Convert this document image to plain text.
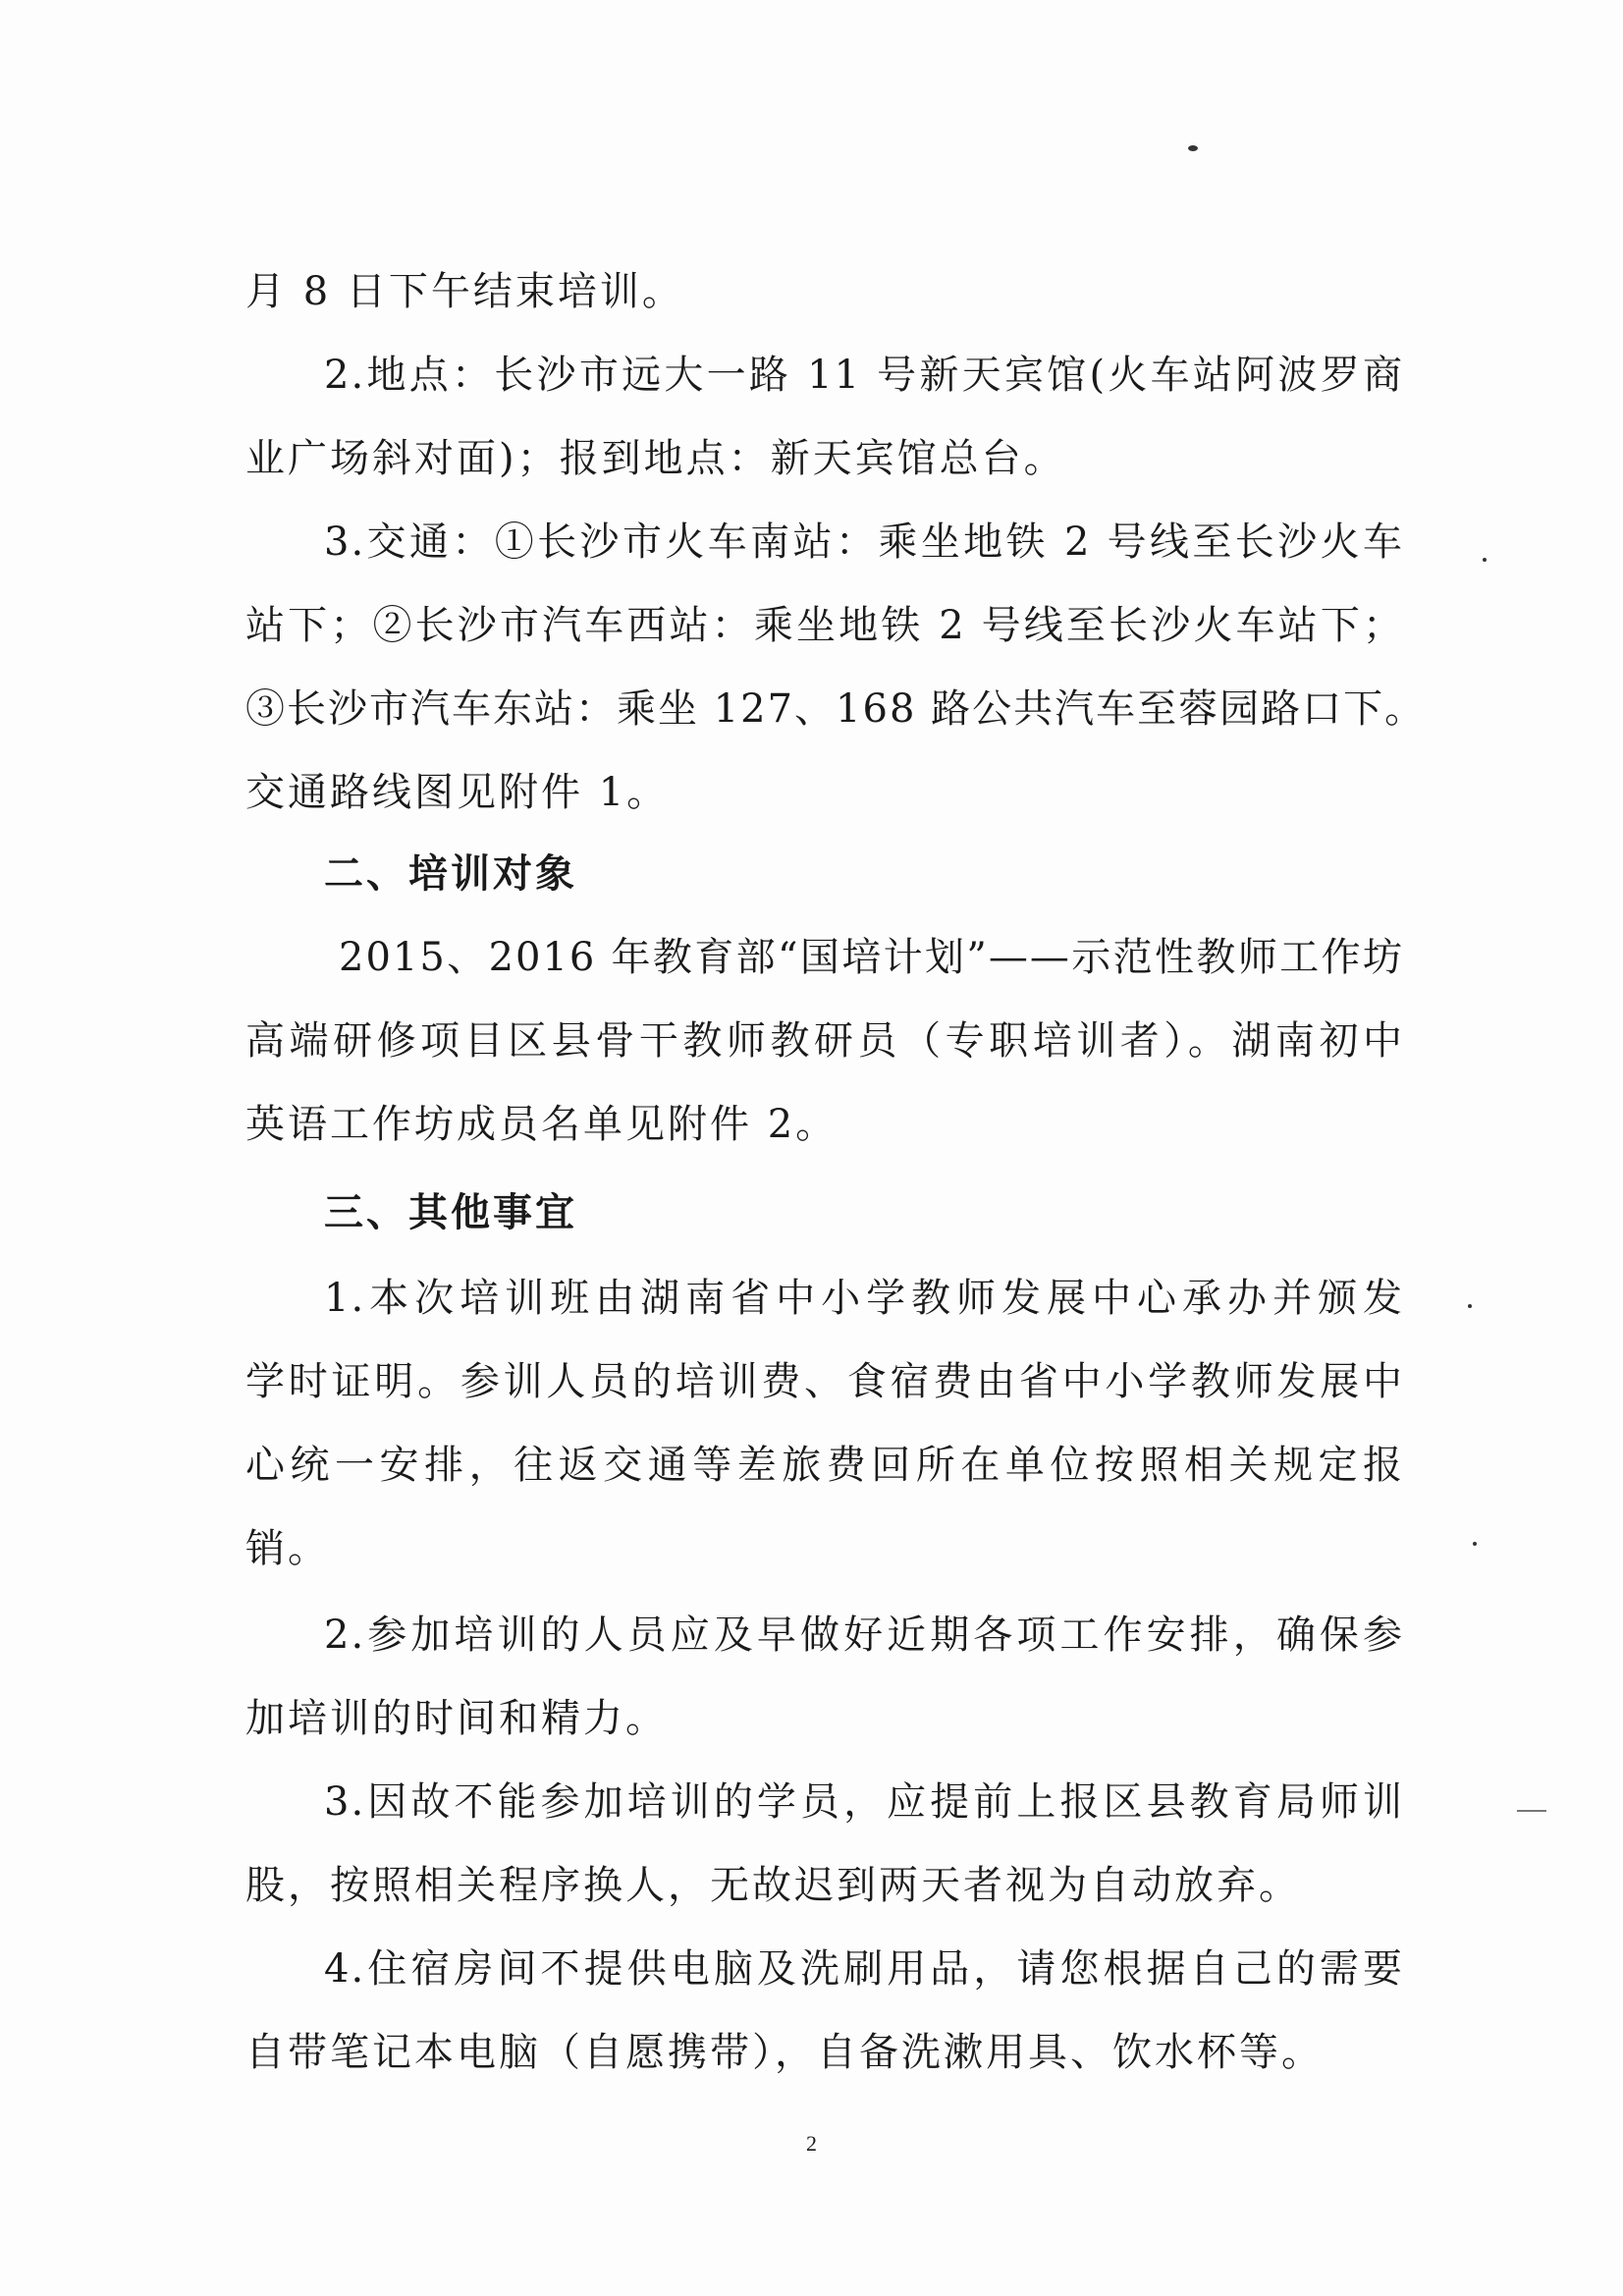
月 8 日下午结束培训。
2.地点：长沙市远大一路 11 号新天宾馆(火车站阿波罗商
业广场斜对面)；报到地点：新天宾馆总台。
3.交通：①长沙市火车南站：乘坐地铁 2 号线至长沙火车
站下；②长沙市汽车西站：乘坐地铁 2 号线至长沙火车站下；
③长沙市汽车东站：乘坐 127、168 路公共汽车至蓉园路口下。
交通路线图见附件 1。
二、培训对象
2015、2016 年教育部“国培计划”——示范性教师工作坊
高端研修项目区县骨干教师教研员（专职培训者）。湖南初中
英语工作坊成员名单见附件 2。
三、其他事宜
1.本次培训班由湖南省中小学教师发展中心承办并颁发
学时证明。参训人员的培训费、食宿费由省中小学教师发展中
心统一安排，往返交通等差旅费回所在单位按照相关规定报
销。
2.参加培训的人员应及早做好近期各项工作安排，确保参
加培训的时间和精力。
3.因故不能参加培训的学员，应提前上报区县教育局师训
股，按照相关程序换人，无故迟到两天者视为自动放弃。
4.住宿房间不提供电脑及洗刷用品，请您根据自己的需要
自带笔记本电脑（自愿携带），自备洗漱用具、饮水杯等。
2
